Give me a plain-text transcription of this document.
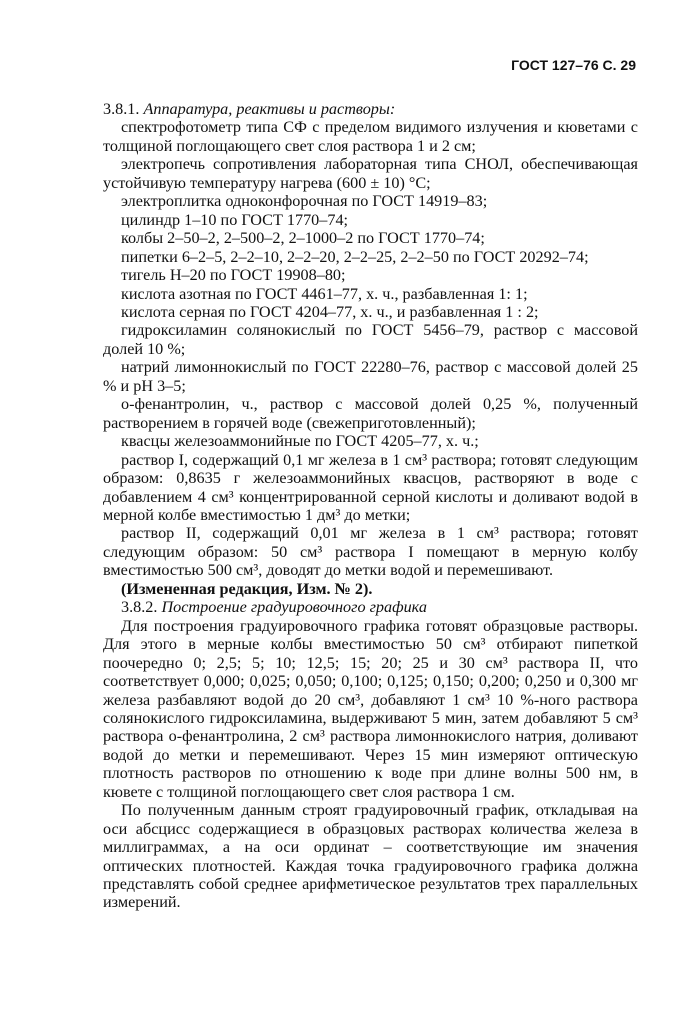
ГОСТ 127–76 С. 29

3.8.1. Аппаратура, реактивы и растворы:

спектрофотометр типа СФ с пределом видимого излучения и кюветами с толщиной поглощающего свет слоя раствора 1 и 2 см;

электропечь сопротивления лабораторная типа СНОЛ, обеспечивающая устойчивую температуру нагрева (600 ± 10) °С;

электроплитка одноконфорочная по ГОСТ 14919–83;

цилиндр 1–10 по ГОСТ 1770–74;

колбы 2–50–2, 2–500–2, 2–1000–2 по ГОСТ 1770–74;

пипетки 6–2–5, 2–2–10, 2–2–20, 2–2–25, 2–2–50 по ГОСТ 20292–74;

тигель Н–20 по ГОСТ 19908–80;

кислота азотная по ГОСТ 4461–77, х. ч., разбавленная 1: 1;

кислота серная по ГОСТ 4204–77, х. ч., и разбавленная 1 : 2;

гидроксиламин солянокислый по ГОСТ 5456–79, раствор с массовой долей 10 %;

натрий лимоннокислый по ГОСТ 22280–76, раствор с массовой долей 25 % и pH 3–5;

о-фенантролин, ч., раствор с массовой долей 0,25 %, полученный растворением в горячей воде (свежеприготовленный);

квасцы железоаммонийные по ГОСТ 4205–77, х. ч.;

раствор I, содержащий 0,1 мг железа в 1 см³ раствора; готовят следующим образом: 0,8635 г железоаммонийных квасцов, растворяют в воде с добавлением 4 см³ концентрированной серной кислоты и доливают водой в мерной колбе вместимостью 1 дм³ до метки;

раствор II, содержащий 0,01 мг железа в 1 см³ раствора; готовят следующим образом: 50 см³ раствора I помещают в мерную колбу вместимостью 500 см³, доводят до метки водой и перемешивают.

(Измененная редакция, Изм. № 2).

3.8.2. Построение градуировочного графика

Для построения градуировочного графика готовят образцовые растворы. Для этого в мерные колбы вместимостью 50 см³ отбирают пипеткой поочередно 0; 2,5; 5; 10; 12,5; 15; 20; 25 и 30 см³ раствора II, что соответствует 0,000; 0,025; 0,050; 0,100; 0,125; 0,150; 0,200; 0,250 и 0,300 мг железа разбавляют водой до 20 см³, добавляют 1 см³ 10 %-ного раствора солянокислого гидроксиламина, выдерживают 5 мин, затем добавляют 5 см³ раствора о-фенантролина, 2 см³ раствора лимоннокислого натрия, доливают водой до метки и перемешивают. Через 15 мин измеряют оптическую плотность растворов по отношению к воде при длине волны 500 нм, в кювете с толщиной поглощающего свет слоя раствора 1 см.

По полученным данным строят градуировочный график, откладывая на оси абсцисс содержащиеся в образцовых растворах количества железа в миллиграммах, а на оси ординат – соответствующие им значения оптических плотностей. Каждая точка градуировочного графика должна представлять собой среднее арифметическое результатов трех параллельных измерений.
